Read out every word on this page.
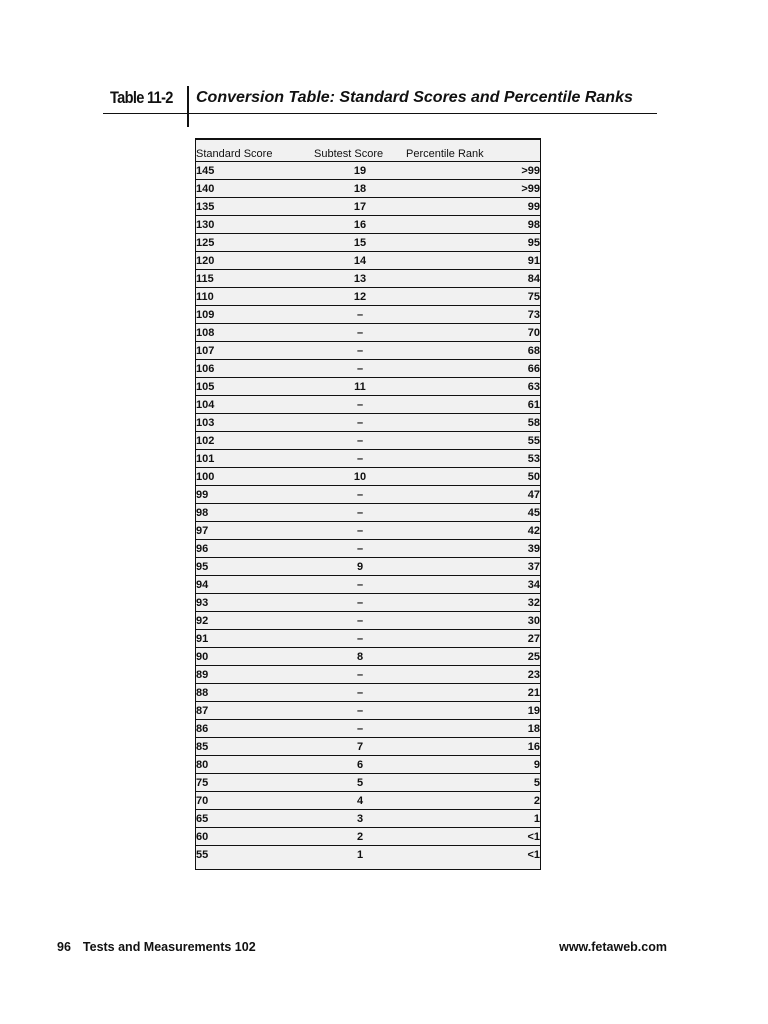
Table 11-2 Conversion Table: Standard Scores and Percentile Ranks
Standard Score	Subtest Score	Percentile Rank
145	19	>99
140	18	>99
135	17	99
130	16	98
125	15	95
120	14	91
115	13	84
110	12	75
109	–	73
108	–	70
107	–	68
106	–	66
105	11	63
104	–	61
103	–	58
102	–	55
101	–	53
100	10	50
99	–	47
98	–	45
97	–	42
96	–	39
95	9	37
94	–	34
93	–	32
92	–	30
91	–	27
90	8	25
89	–	23
88	–	21
87	–	19
86	–	18
85	7	16
80	6	9
75	5	5
70	4	2
65	3	1
60	2	<1
55	1	<1
96 Tests and Measurements 102	www.fetaweb.com
